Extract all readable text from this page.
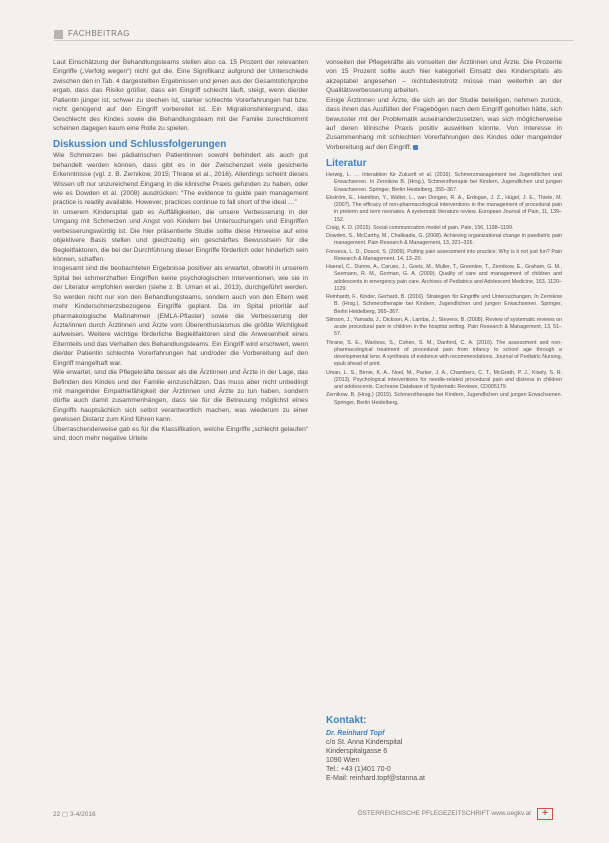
FACHBEITRAG

Laut Einschätzung der Behandlungsteams stellen also ca. 15 Prozent der relevanten Eingriffe („Verfolg wegen“) nicht gut die. Eine Signifikanz aufgrund der Unterschiede zwischen den in Tab. 4 dargestellten Ergebnissen und jenen aus der Gesamtstichprobe ergab, dass das Risiko größer, dass ein Eingriff schlecht läuft, steigt, wenn die/der Patientin jünger ist, schwer zu stechen ist, starker schlechte Vorerfahrungen hat bzw. nicht genügend auf den Eingriff vorbereitet ist. Ein Migrationshintergrund, das Geschlecht des Kindes sowie die Behandlungsteam mit der Familie zurechtkommt scheinen dagegen kaum eine Rolle zu spielen.

Diskussion und Schlussfolgerungen

Wie Schmerzen bei pädiatrischen Patientinnen sowohl behindert als auch gut behandelt werden können, dass gibt es in der Zwischenzeit viele gesicherte Erkenntnisse (vgl. z. B. Zernikow, 2015; Thrane et al., 2016). Allerdings scheint dieses Wissen oft nur unzureichend Eingang in die klinische Praxis gefunden zu haben, oder wie es Dowden et al. (2008) ausdrücken: “The evidence to guide pain management practice is readily available. However, practices continue to fall short of the ideal …”

In unserem Kinderspital gab es Auffälligkeiten, die unsere Verbesserung in der Umgang mit Schmerzen und Angst von Kindern bei Untersuchungen und Eingriffen verbesserungswürdig ist. Die hier präsentierte Studie sollte diese Hinweise auf eine objektivere Basis stellen und gleichzeitig ein geschärftes Bewusstsein für die Begleitfaktoren, die bei der Durchführung dieser Eingriffe förderlich oder hinderlich sein können, schaffen.

Insgesamt sind die beobachteten Ergebnisse positiver als erwartet, obwohl in unserem Spital bei schmerzhaften Eingriffen keine psychologischen Interventionen, wie sie in der Literatur empfohlen werden (siehe z. B. Uman et al., 2013), durchgeführt werden. So werden nicht nur von den Behandlungsteams, sondern auch von den Eltern weit mehr Kinderschmerzsbezogene Eingriffe geplant. Da im Spital prioritär auf pharmakologische Maßnahmen (EMLA-Pflaster) sowie die Verbesserung der Ärzte/innen durch Ärztinnen und Ärzte vom Überenthusiasmus die größte Wichtigkeit aufweisen. Weitere wichtige förderliche Begleitfaktoren sind die Anwesenheit eines Elternteils und das Verhalten des Behandlungsteams. Ein Eingriff wird erschwert, wenn die/der Patientin schlechte Vorerfahrungen hat und/oder die Vorbereitung auf den Eingriff mangelhaft war.

Wie erwartet, sind die Pflegekräfte besser als die Ärztinnen und Ärzte in der Lage, das Befinden des Kindes und der Familie einzuschätzen. Das muss aber nicht unbedingt mit mangelnder Empathiefähigkeit der Ärztinnen und Ärzte zu tun haben, sondern dürfte auch damit zusammenhängen, dass sie für die Betreuung möglichst eines Eingriffs hauptsächlich sich selbst verantwortlich machen, was wiederum zu einer gewissen Distanz zum Kind führen kann.

Überraschenderweise gab es für die Klassifikation, welche Eingriffe „schlecht gelaufen“ sind, doch mehr negative Urteile

vonseiten der Pflegekräfte als vonseiten der Ärztinnen und Ärzte. Die Prozente von 15 Prozent sollte auch hier kategoriell Einsatz des Kinderspitals als akzeptabel angesehen – nichtsdestotrotz müsse man weiterhin an der Qualitätsverbesserung arbeiten.

Einige Ärztinnen und Ärzte, die sich an der Studie beteiligen, nehmen zurück, dass ihnen das Ausfüllen der Fragebögen nach dem Eingriff geholfen hätte, sich bewusster mit der Problematik auseinanderzusetzen, was sich möglicherweise auf deren klinische Praxis positiv auswirken könnte. Von Interesse in Zusammenhang mit schlechten Vorerfahrungen des Kindes oder mangelnder Vorbereitung auf den Eingriff.

Literatur

Herwig, L. … Interaktion für Zukunft et al. (2016). Schmerzmanagement bei Jugendlichen und Erwachsenen. In Zernikow B. (Hrsg.), Schmerztherapie bei Kindern, Jugendlichen und jungen Erwachsenen. Springer, Berlin Heidelberg, 355–367.

Ekström, E., Hamilton, Y., Walter, L., van Dongen, R. A., Erdogan, J. Z., Hügel, J. E., Thiele, M. (2007). The efficacy of non-pharmacological interventions in the management of procedural pain in preterm and term neonates. A systematic literature review. European Journal of Pain, 11, 139–152.

Craig, K. D. (2015). Social communication model of pain. Pain, 156, 1198–1199.

Dowden, S., McCarthy, M., Chalkiadis, G. (2008). Achieving organizational change in paediatric pain management. Pain Research & Management, 13, 321–326.

Fonseca, L. D., Doucé, S. (2009). Putting pain assessment into practice: Why is it not just fun? Pain Research & Management, 14, 13–20.

Haenel, C., Dunne, A., Caruso, J., Goetz, M., Muller, T., Greenlee, T., Zernikow, E., Graham, G. M., Seemann, R. M., Gorman, G. A. (2009). Quality of care and management of children and adolescents in emergency pain care. Archives of Pediatrics and Adolescent Medicine, 163, 1120–1129.

Reinhardt, F., Kinder, Gerhard, B. (2016). Strategien für Eingriffe und Untersuchungen. In Zernikow B. (Hrsg.), Schmerztherapie bei Kindern, Jugendlichen und jungen Erwachsenen. Springer, Berlin Heidelberg, 365–367.

Stinson, J., Yamada, J., Dickson, A., Lamba, J., Stevens, B. (2008). Review of systematic reviews on acute procedural pain in children in the hospital setting. Pain Research & Management, 13, 51–57.

Thrane, S. E., Wanless, S., Cohen, S. M., Danford, C. A. (2016). The assessment and non-pharmacological treatment of procedural pain from infancy to school age through a developmental lens: A synthesis of evidence with recommendations. Journal of Pediatric Nursing, epub ahead of print.

Uman, L. S., Birnie, K. A., Noel, M., Parker, J. A., Chambers, C. T., McGrath, P. J., Kisely, S. R. (2013). Psychological interventions for needle-related procedural pain and distress in children and adolescents. Cochrane Database of Systematic Reviews, CD005179.

Zernikow, B. (Hrsg.) (2015). Schmerztherapie bei Kindern, Jugendlichen und jungen Erwachsenen. Springer, Berlin Heidelberg.

Kontakt:

Dr. Reinhard Topf

c/o St. Anna Kinderspital

Kinderspitalgasse 6

1090 Wien

Tel.: +43 (1)401 70-0

E-Mail: reinhard.topf@stanna.at

22 ▢ 3-4/2016	ÖSTERREICHISCHE PFLEGEZEITSCHRIFT www.oegkv.at	+
